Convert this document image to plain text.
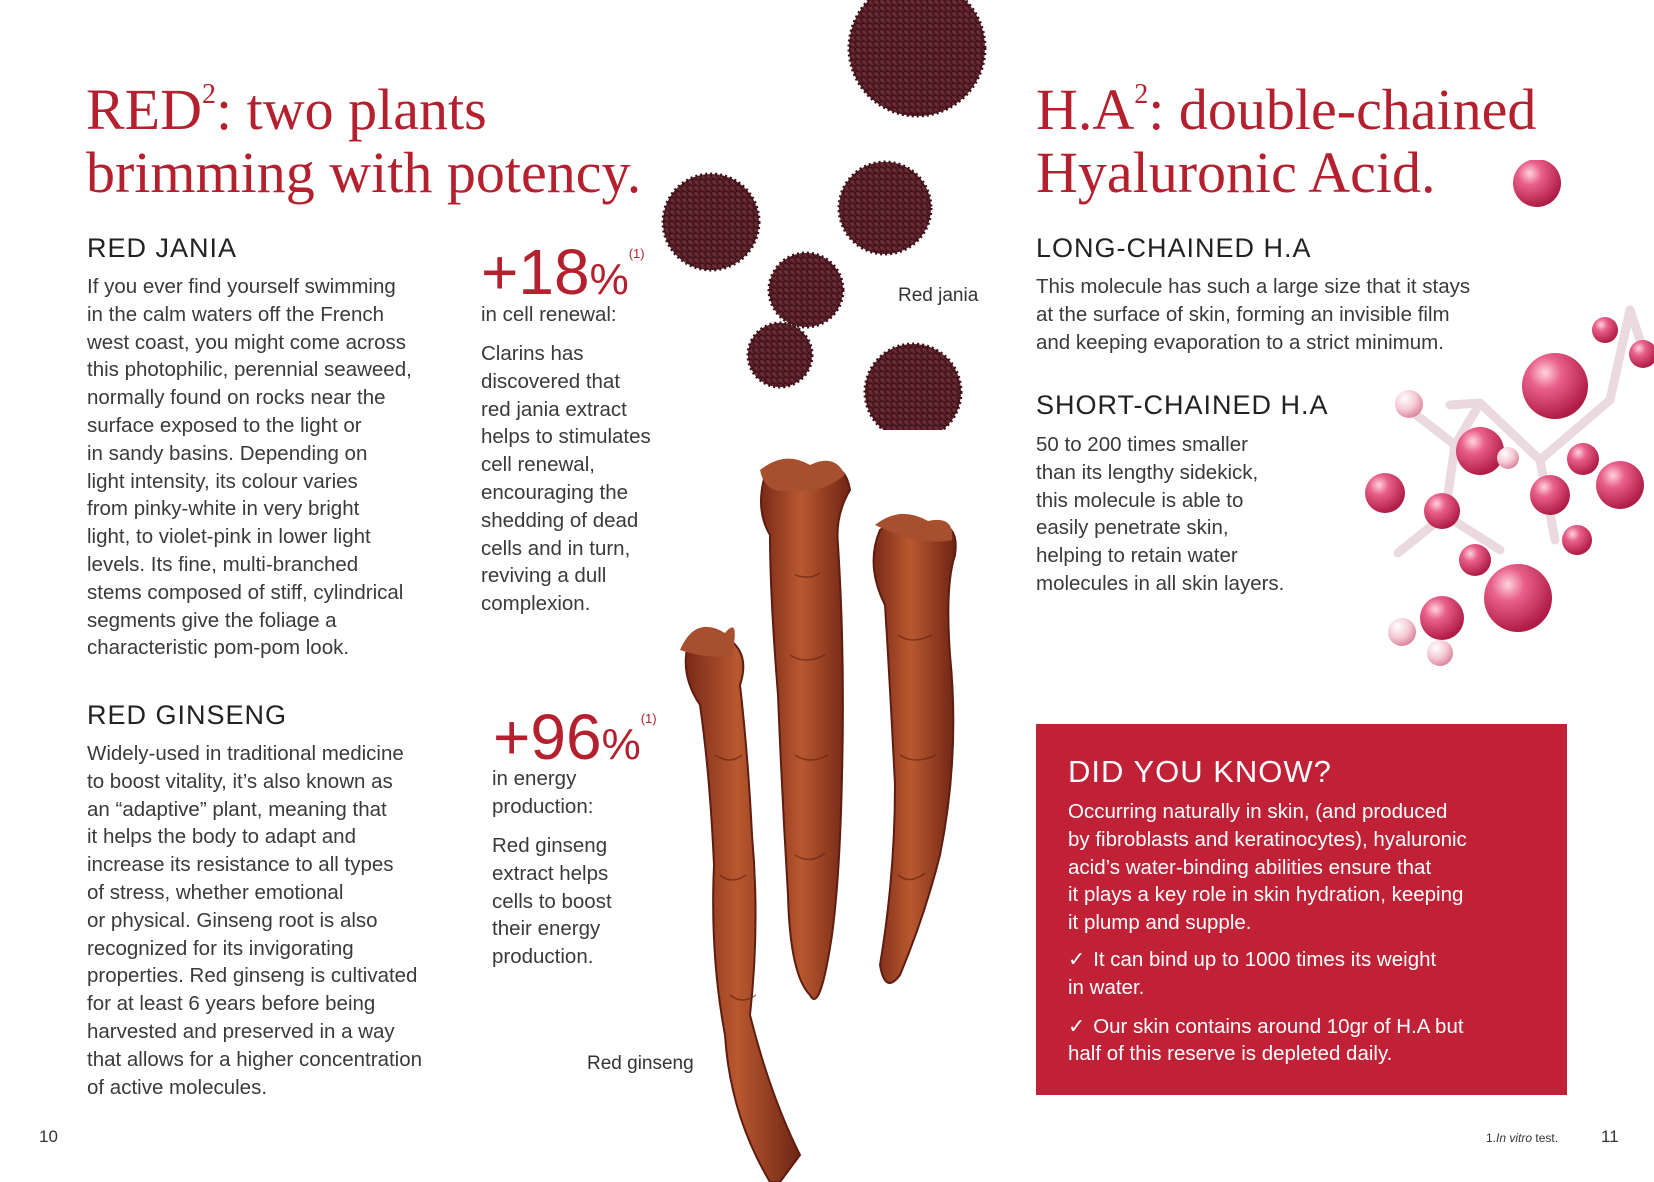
RED$^2$: two plants
brimming with potency.
RED JANIA
If you ever find yourself swimming
in the calm waters off the French
west coast, you might come across
this photophilic, perennial seaweed,
normally found on rocks near the
surface exposed to the light or
in sandy basins. Depending on
light intensity, its colour varies
from pinky-white in very bright
light, to violet-pink in lower light
levels. Its fine, multi-branched
stems composed of stiff, cylindrical
segments give the foliage a
characteristic pom-pom look.
+18%$^{(1)}$
in cell renewal:
Clarins has
discovered that
red jania extract
helps to stimulates
cell renewal,
encouraging the
shedding of dead
cells and in turn,
reviving a dull
complexion.
RED GINSENG
Widely-used in traditional medicine
to boost vitality, it’s also known as
an “adaptive” plant, meaning that
it helps the body to adapt and
increase its resistance to all types
of stress, whether emotional
or physical. Ginseng root is also
recognized for its invigorating
properties. Red ginseng is cultivated
for at least 6 years before being
harvested and preserved in a way
that allows for a higher concentration
of active molecules.
+96%$^{(1)}$
in energy
production:
Red ginseng
extract helps
cells to boost
their energy
production.
Red jania
Red ginseng
10
$H.A^2$: double-chained
Hyaluronic Acid.
LONG-CHAINED H.A
This molecule has such a large size that it stays
at the surface of skin, forming an invisible film
and keeping evaporation to a strict minimum.
SHORT-CHAINED H.A
50 to 200 times smaller
than its lengthy sidekick,
this molecule is able to
easily penetrate skin,
helping to retain water
molecules in all skin layers.
DID YOU KNOW?

Occurring naturally in skin, (and produced
by fibroblasts and keratinocytes), hyaluronic
acid’s water-binding abilities ensure that
it plays a key role in skin hydration, keeping
it plump and supple.

✓ It can bind up to 1000 times its weight
in water.

✓ Our skin contains around 10gr of H.A but
half of this reserve is depleted daily.

1.In vitro test.	11
